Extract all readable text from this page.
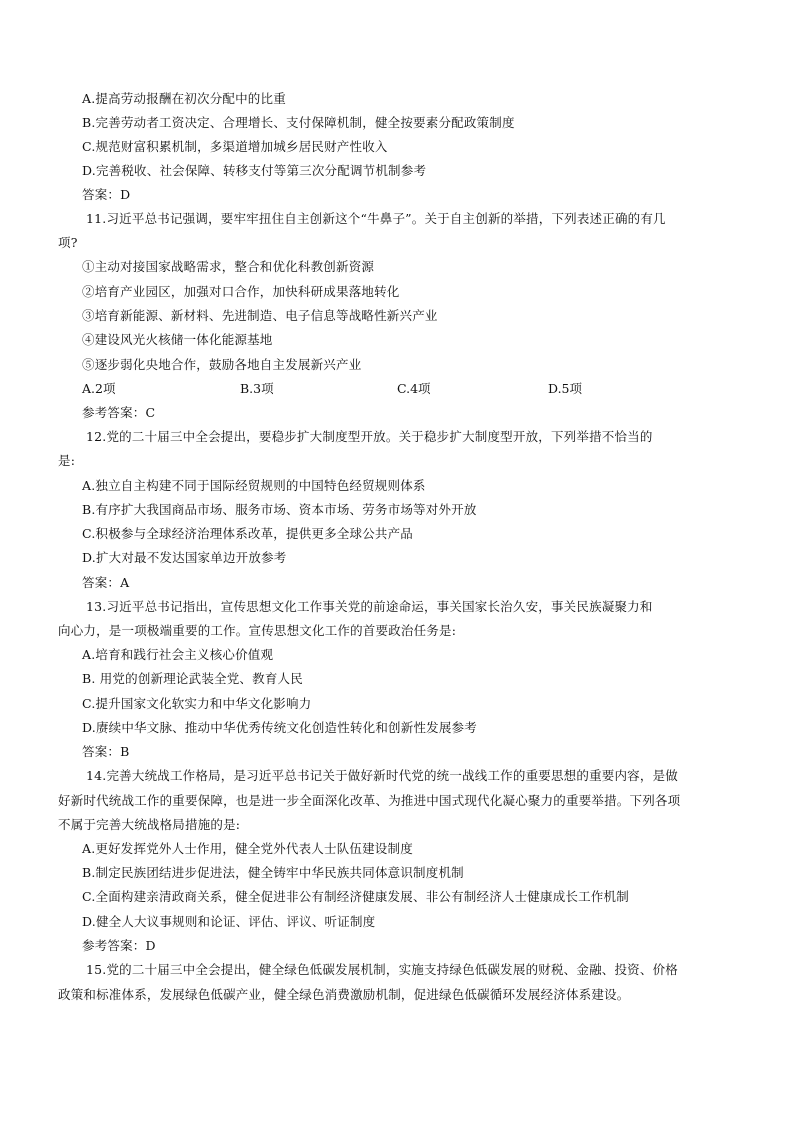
A.提高劳动报酬在初次分配中的比重
B.完善劳动者工资决定、合理增长、支付保障机制，健全按要素分配政策制度
C.规范财富积累机制，多渠道增加城乡居民财产性收入
D.完善税收、社会保障、转移支付等第三次分配调节机制参考
答案：D
11.习近平总书记强调，要牢牢扭住自主创新这个“牛鼻子”。关于自主创新的举措，下列表述正确的有几
项?
①主动对接国家战略需求，整合和优化科教创新资源
②培育产业园区，加强对口合作，加快科研成果落地转化
③培育新能源、新材料、先进制造、电子信息等战略性新兴产业
④建设风光火核储一体化能源基地
⑤逐步弱化央地合作，鼓励各地自主发展新兴产业
A.2项	B.3项	C.4项	D.5项
参考答案：C
12.党的二十届三中全会提出，要稳步扩大制度型开放。关于稳步扩大制度型开放，下列举措不恰当的
是:
A.独立自主构建不同于国际经贸规则的中国特色经贸规则体系
B.有序扩大我国商品市场、服务市场、资本市场、劳务市场等对外开放
C.积极参与全球经济治理体系改革，提供更多全球公共产品
D.扩大对最不发达国家单边开放参考
答案：A
13.习近平总书记指出，宣传思想文化工作事关党的前途命运，事关国家长治久安，事关民族凝聚力和
向心力，是一项极端重要的工作。宣传思想文化工作的首要政治任务是:
A.培育和践行社会主义核心价值观
B. 用党的创新理论武装全党、教育人民
C.提升国家文化软实力和中华文化影响力
D.赓续中华文脉、推动中华优秀传统文化创造性转化和创新性发展参考
答案：B
14.完善大统战工作格局，是习近平总书记关于做好新时代党的统一战线工作的重要思想的重要内容，是做
好新时代统战工作的重要保障，也是进一步全面深化改革、为推进中国式现代化凝心聚力的重要举措。下列各项
不属于完善大统战格局措施的是:
A.更好发挥党外人士作用，健全党外代表人士队伍建设制度
B.制定民族团结进步促进法，健全铸牢中华民族共同体意识制度机制
C.全面构建亲清政商关系，健全促进非公有制经济健康发展、非公有制经济人士健康成长工作机制
D.健全人大议事规则和论证、评估、评议、听证制度
参考答案：D
15.党的二十届三中全会提出，健全绿色低碳发展机制，实施支持绿色低碳发展的财税、金融、投资、价格
政策和标准体系，发展绿色低碳产业，健全绿色消费激励机制，促进绿色低碳循环发展经济体系建设。
